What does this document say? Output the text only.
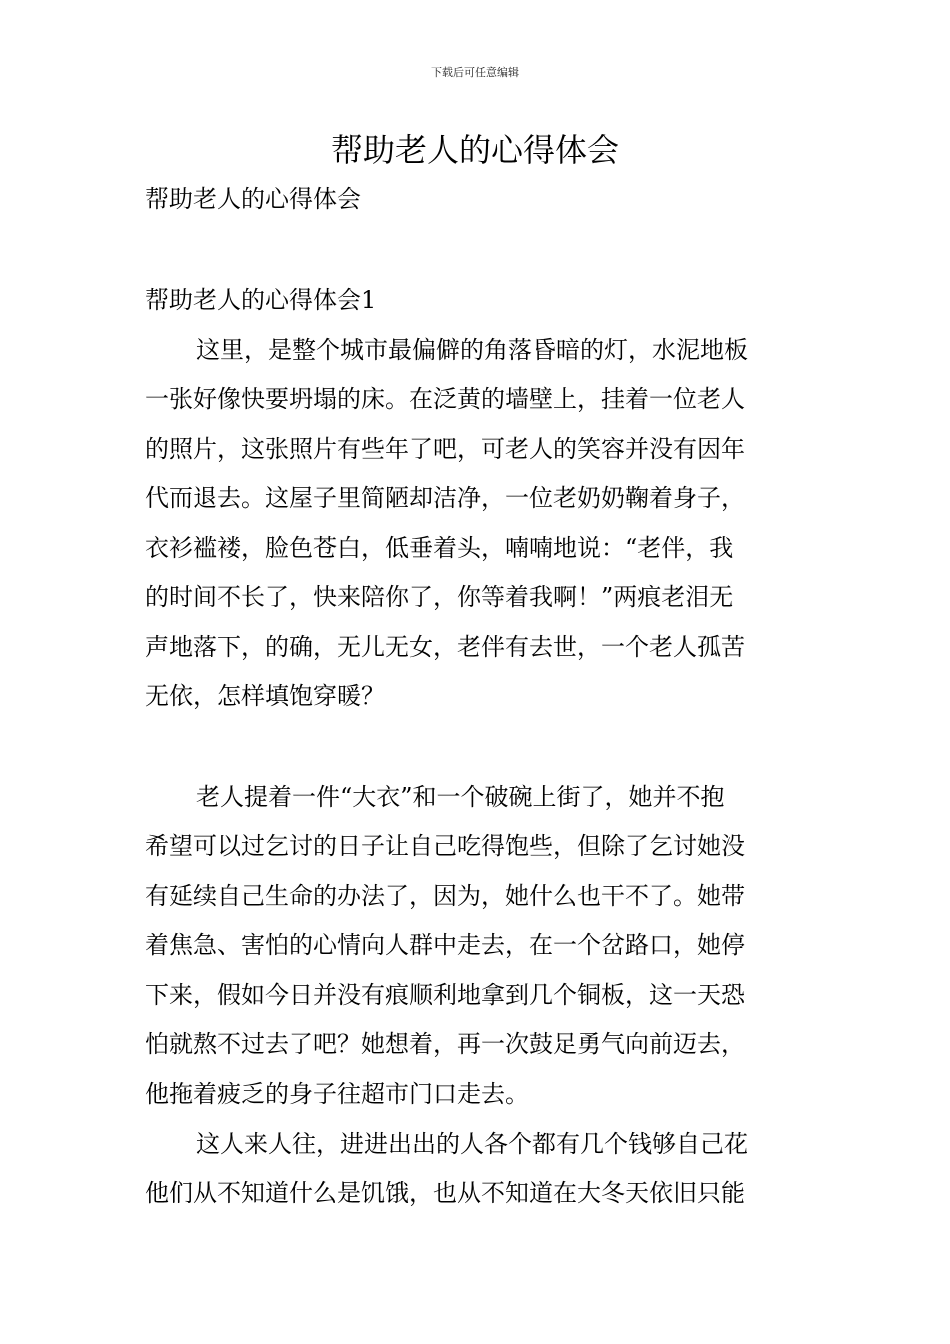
下载后可任意编辑
帮助老人的心得体会

帮助老人的心得体会

帮助老人的心得体会1

这里，是整个城市最偏僻的角落昏暗的灯，水泥地板

一张好像快要坍塌的床。在泛黄的墙壁上，挂着一位老人

的照片，这张照片有些年了吧，可老人的笑容并没有因年

代而退去。这屋子里简陋却洁净，一位老奶奶鞠着身子，

衣衫褴褛，脸色苍白，低垂着头，喃喃地说：“老伴，我

的时间不长了，快来陪你了，你等着我啊！”两痕老泪无

声地落下，的确，无儿无女，老伴有去世，一个老人孤苦

无依，怎样填饱穿暖？

老人提着一件“大衣”和一个破碗上街了，她并不抱

希望可以过乞讨的日子让自己吃得饱些，但除了乞讨她没

有延续自己生命的办法了，因为，她什么也干不了。她带

着焦急、害怕的心情向人群中走去，在一个岔路口，她停

下来，假如今日并没有痕顺利地拿到几个铜板，这一天恐

怕就熬不过去了吧？她想着，再一次鼓足勇气向前迈去，

他拖着疲乏的身子往超市门口走去。

这人来人往，进进出出的人各个都有几个钱够自己花

他们从不知道什么是饥饿，也从不知道在大冬天依旧只能
